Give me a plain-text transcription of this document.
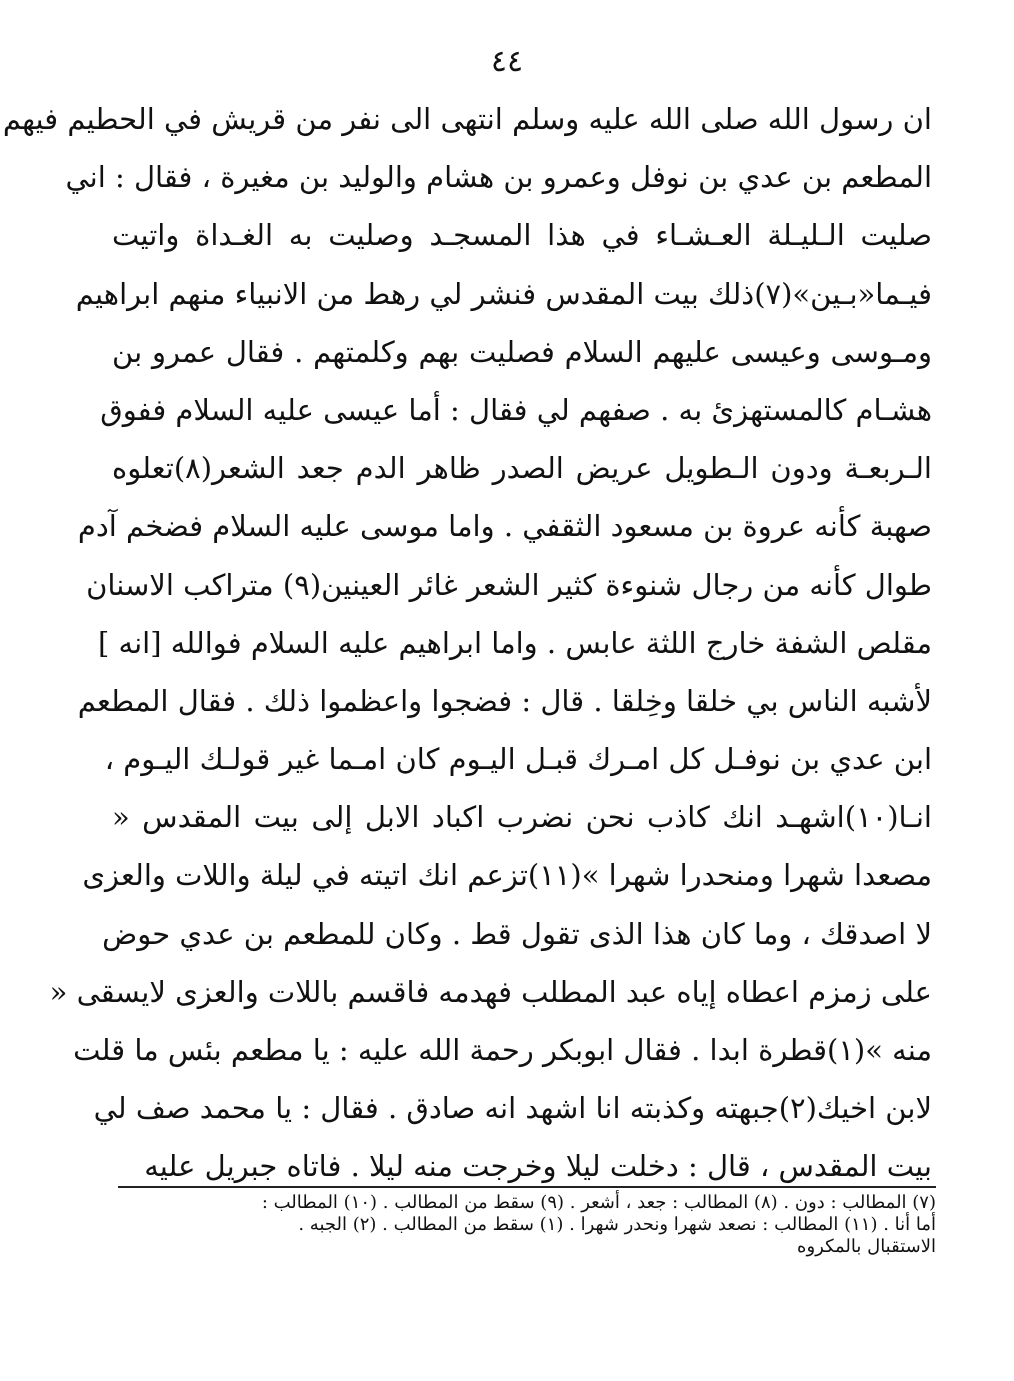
٤٤
ان رسول الله صلى الله عليه وسلم انتهى الى نفر من قريش في الحطيم فيهم
المطعم بن عدي بن نوفل وعمرو بن هشام والوليد بن مغيرة ، فقال : اني
صليت الـليـلة العـشـاء في هذا المسجـد وصليت به الغـداة واتيت
فيـما«بـين»(٧)ذلك بيت المقدس فنشر لي رهط من الانبياء منهم ابراهيم
ومـوسى وعيسى عليهم السلام فصليت بهم وكلمتهم . فقال عمرو بن
هشـام كالمستهزئ به . صفهم لي فقال : أما عيسى عليه السلام ففوق
الـربعـة ودون الـطويل عريض الصدر ظاهر الدم جعد الشعر(٨)تعلوه
صهبة كأنه عروة بن مسعود الثقفي . واما موسى عليه السلام فضخم آدم
طوال كأنه من رجال شنوءة كثير الشعر غائر العينين(٩) متراكب الاسنان
مقلص الشفة خارج اللثة عابس . واما ابراهيم عليه السلام فوالله [انه ]
لأشبه الناس بي خلقا وخِلقا . قال : فضجوا واعظموا ذلك . فقال المطعم
ابن عدي بن نوفـل كل امـرك قبـل اليـوم كان امـما غير قولـك اليـوم ،
انـا(١٠)اشهـد انك كاذب نحن نضرب اكباد الابل إلى بيت المقدس «
مصعدا شهرا ومنحدرا شهرا »(١١)تزعم انك اتيته في ليلة واللات والعزى
لا اصدقك ، وما كان هذا الذى تقول قط . وكان للمطعم بن عدي حوض
على زمزم اعطاه إياه عبد المطلب فهدمه فاقسم باللات والعزى لايسقى «
منه »(١)قطرة ابدا . فقال ابوبكر رحمة الله عليه : يا مطعم بئس ما قلت
لابن اخيك(٢)جبهته وكذبته انا اشهد انه صادق . فقال : يا محمد صف لي
بيت المقدس ، قال : دخلت ليلا وخرجت منه ليلا . فاتاه جبريل عليه
(٧) المطالب : دون . (٨) المطالب : جعد ، أشعر . (٩) سقط من المطالب . (١٠) المطالب :
أما أنا . (١١) المطالب : نصعد شهرا ونحدر شهرا . (١) سقط من المطالب . (٢) الجبه .
الاستقبال بالمكروه
